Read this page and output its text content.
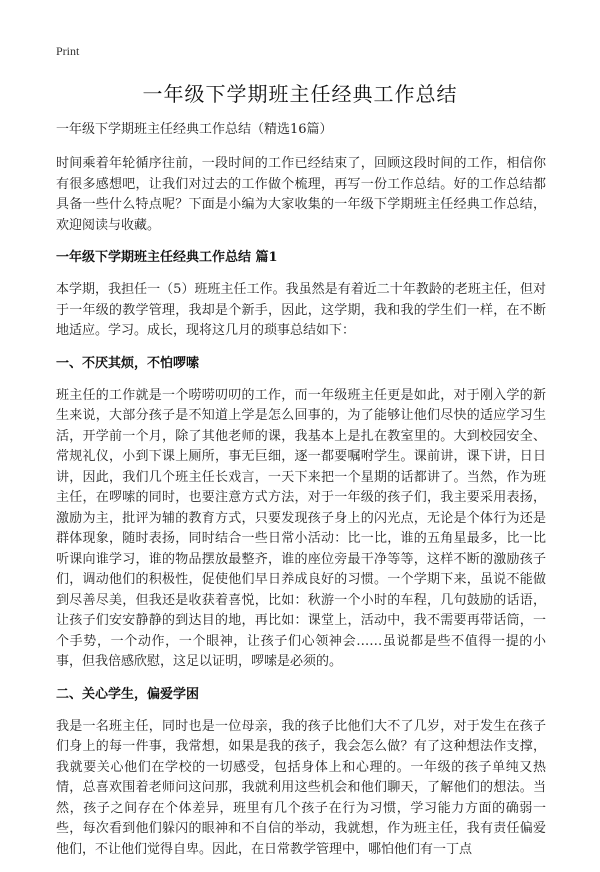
Print
一年级下学期班主任经典工作总结

一年级下学期班主任经典工作总结（精选16篇）

时间乘着年轮循序往前，一段时间的工作已经结束了，回顾这段时间的工作，相信你有很多感想吧，让我们对过去的工作做个梳理，再写一份工作总结。好的工作总结都具备一些什么特点呢？下面是小编为大家收集的一年级下学期班主任经典工作总结，欢迎阅读与收藏。

一年级下学期班主任经典工作总结 篇1

本学期，我担任一（5）班班主任工作。我虽然是有着近二十年教龄的老班主任，但对于一年级的教学管理，我却是个新手，因此，这学期，我和我的学生们一样，在不断地适应。学习。成长，现将这几月的琐事总结如下：

一、不厌其烦，不怕啰嗦

班主任的工作就是一个唠唠叨叨的工作，而一年级班主任更是如此，对于刚入学的新生来说，大部分孩子是不知道上学是怎么回事的，为了能够让他们尽快的适应学习生活，开学前一个月，除了其他老师的课，我基本上是扎在教室里的。大到校园安全、常规礼仪，小到下课上厕所，事无巨细，逐一都要嘱咐学生。课前讲，课下讲，日日讲，因此，我们几个班主任长戏言，一天下来把一个星期的话都讲了。当然，作为班主任，在啰嗦的同时，也要注意方式方法，对于一年级的孩子们，我主要采用表扬，激励为主，批评为辅的教育方式，只要发现孩子身上的闪光点，无论是个体行为还是群体现象，随时表扬，同时结合一些日常小活动：比一比，谁的五角星最多，比一比听课向谁学习，谁的物品摆放最整齐，谁的座位旁最干净等等，这样不断的激励孩子们，调动他们的积极性，促使他们早日养成良好的习惯。一个学期下来，虽说不能做到尽善尽美，但我还是收获着喜悦，比如：秋游一个小时的车程，几句鼓励的话语，让孩子们安安静静的到达目的地，再比如：课堂上，活动中，我不需要再带话筒，一个手势，一个动作，一个眼神，让孩子们心领神会……虽说都是些不值得一提的小事，但我倍感欣慰，这足以证明，啰嗦是必须的。

二、关心学生，偏爱学困

我是一名班主任，同时也是一位母亲，我的孩子比他们大不了几岁，对于发生在孩子们身上的每一件事，我常想，如果是我的孩子，我会怎么做？有了这种想法作支撑，我就要关心他们在学校的一切感受，包括身体上和心理的。一年级的孩子单纯又热情，总喜欢围着老师问这问那，我就利用这些机会和他们聊天，了解他们的想法。当然，孩子之间存在个体差异，班里有几个孩子在行为习惯，学习能力方面的确弱一些，每次看到他们躲闪的眼神和不自信的举动，我就想，作为班主任，我有责任偏爱他们，不让他们觉得自卑。因此，在日常教学管理中，哪怕他们有一丁点
